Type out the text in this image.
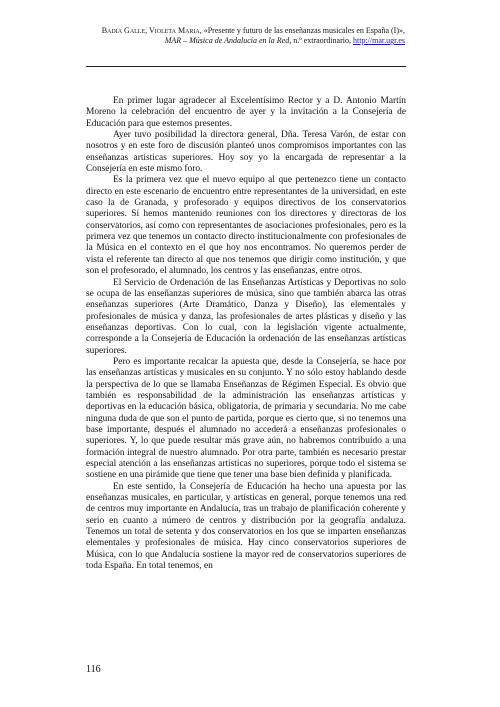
Badia Galle, Violeta Maria, «Presente y futuro de las enseñanzas musicales en España (I)»,
MAR – Música de Andalucía en la Red, n.º extraordinario, http://mar.ugr.es

En primer lugar agradecer al Excelentísimo Rector y a D. Antonio Martín Moreno la celebración del encuentro de ayer y la invitación a la Consejería de Educación para que estemos presentes.

Ayer tuvo posibilidad la directora general, Dña. Teresa Varón, de estar con nosotros y en este foro de discusión planteó unos compromisos importantes con las enseñanzas artísticas superiores. Hoy soy yo la encargada de representar a la Consejería en este mismo foro.

Es la primera vez que el nuevo equipo al que pertenezco tiene un contacto directo en este escenario de encuentro entre representantes de la universidad, en este caso la de Granada, y profesorado y equipos directivos de los conservatorios superiores. Sí hemos mantenido reuniones con los directores y directoras de los conservatorios, así como con representantes de asociaciones profesionales, pero es la primera vez que tenemos un contacto directo institucionalmente con profesionales de la Música en el contexto en el que hoy nos encontramos. No queremos perder de vista el referente tan directo al que nos tenemos que dirigir como institución, y que son el profesorado, el alumnado, los centros y las enseñanzas, entre otros.

El Servicio de Ordenación de las Enseñanzas Artísticas y Deportivas no solo se ocupa de las enseñanzas superiores de música, sino que también abarca las otras enseñanzas superiores (Arte Dramático, Danza y Diseño), las elementales y profesionales de música y danza, las profesionales de artes plásticas y diseño y las enseñanzas deportivas. Con lo cual, con la legislación vigente actualmente, corresponde a la Consejería de Educación la ordenación de las enseñanzas artísticas superiores.

Pero es importante recalcar la apuesta que, desde la Consejería, se hace por las enseñanzas artísticas y musicales en su conjunto. Y no sólo estoy hablando desde la perspectiva de lo que se llamaba Enseñanzas de Régimen Especial. Es obvio que también es responsabilidad de la administración las enseñanzas artísticas y deportivas en la educación básica, obligatoria, de primaria y secundaria. No me cabe ninguna duda de que son el punto de partida, porque es cierto que, si no tenemos una base importante, después el alumnado no accederá a enseñanzas profesionales o superiores. Y, lo que puede resultar más grave aún, no habremos contribuido a una formación integral de nuestro alumnado. Por otra parte, también es necesario prestar especial atención a las enseñanzas artísticas no superiores, porque todo el sistema se sostiene en una pirámide que tiene que tener una base bien definida y planificada.

En este sentido, la Consejería de Educación ha hecho una apuesta por las enseñanzas musicales, en particular, y artísticas en general, porque tenemos una red de centros muy importante en Andalucía, tras un trabajo de planificación coherente y serio en cuanto a número de centros y distribución por la geografía andaluza. Tenemos un total de setenta y dos conservatorios en los que se imparten enseñanzas elementales y profesionales de música. Hay cinco conservatorios superiores de Música, con lo que Andalucía sostiene la mayor red de conservatorios superiores de toda España. En total tenemos, en

116
